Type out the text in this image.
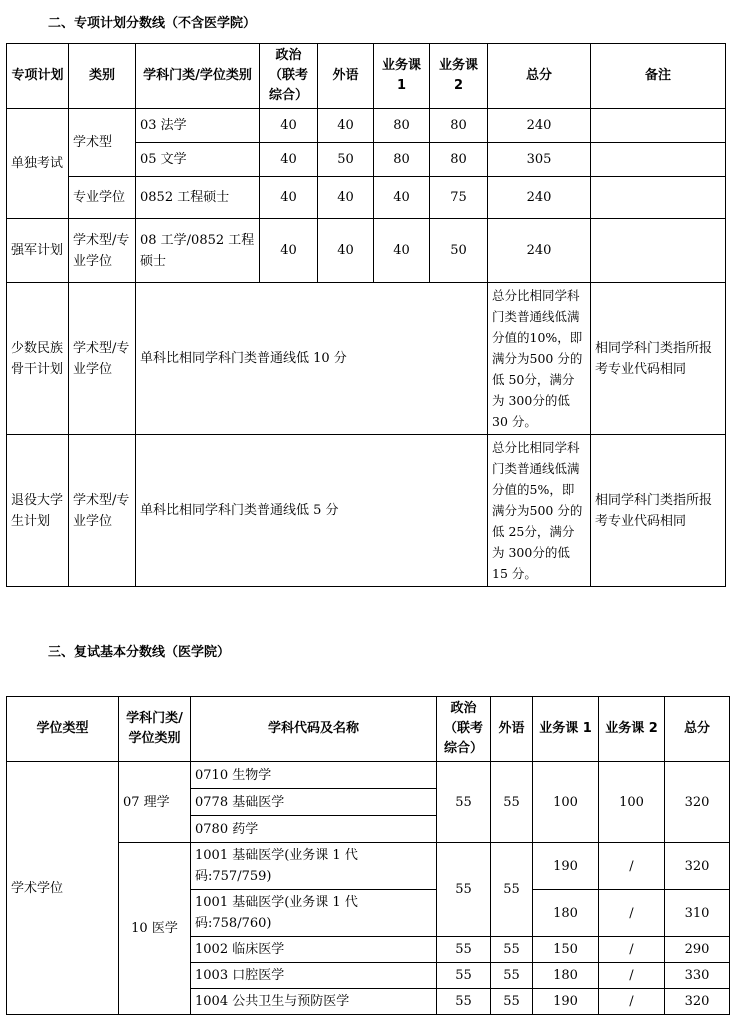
二、专项计划分数线（不含医学院）
专项计划	类别	学科门类/学位类别	政治（联考综合）	外语	业务课 1	业务课 2	总分	备注
单独考试	学术型	03 法学	40	40	80	80	240	
		05 文学	40	50	80	80	305	
	专业学位	0852 工程硕士	40	40	40	75	240	
强军计划	学术型/专业学位	08 工学/0852 工程硕士	40	40	40	50	240	
少数民族骨干计划	学术型/专业学位	单科比相同学科门类普通线低 10 分					总分比相同学科门类普通线低满分值的10%，即满分为500 分的低 50分，满分为 300分的低 30 分。	相同学科门类指所报考专业代码相同
退役大学生计划	学术型/专业学位	单科比相同学科门类普通线低 5 分					总分比相同学科门类普通线低满分值的5%，即满分为500 分的低 25分，满分为 300分的低 15 分。	相同学科门类指所报考专业代码相同
三、复试基本分数线（医学院）
学位类型	学科门类/学位类别	学科代码及名称	政治（联考综合）	外语	业务课 1	业务课 2	总分
学术学位	07 理学	0710 生物学	55	55	100	100	320
		0778 基础医学					
		0780 药学					
	10 医学	1001 基础医学(业务课 1 代码:757/759)	55	55	190	/	320
		1001 基础医学(业务课 1 代码:758/760)			180	/	310
		1002 临床医学	55	55	150	/	290
		1003 口腔医学	55	55	180	/	330
		1004 公共卫生与预防医学	55	55	190	/	320
